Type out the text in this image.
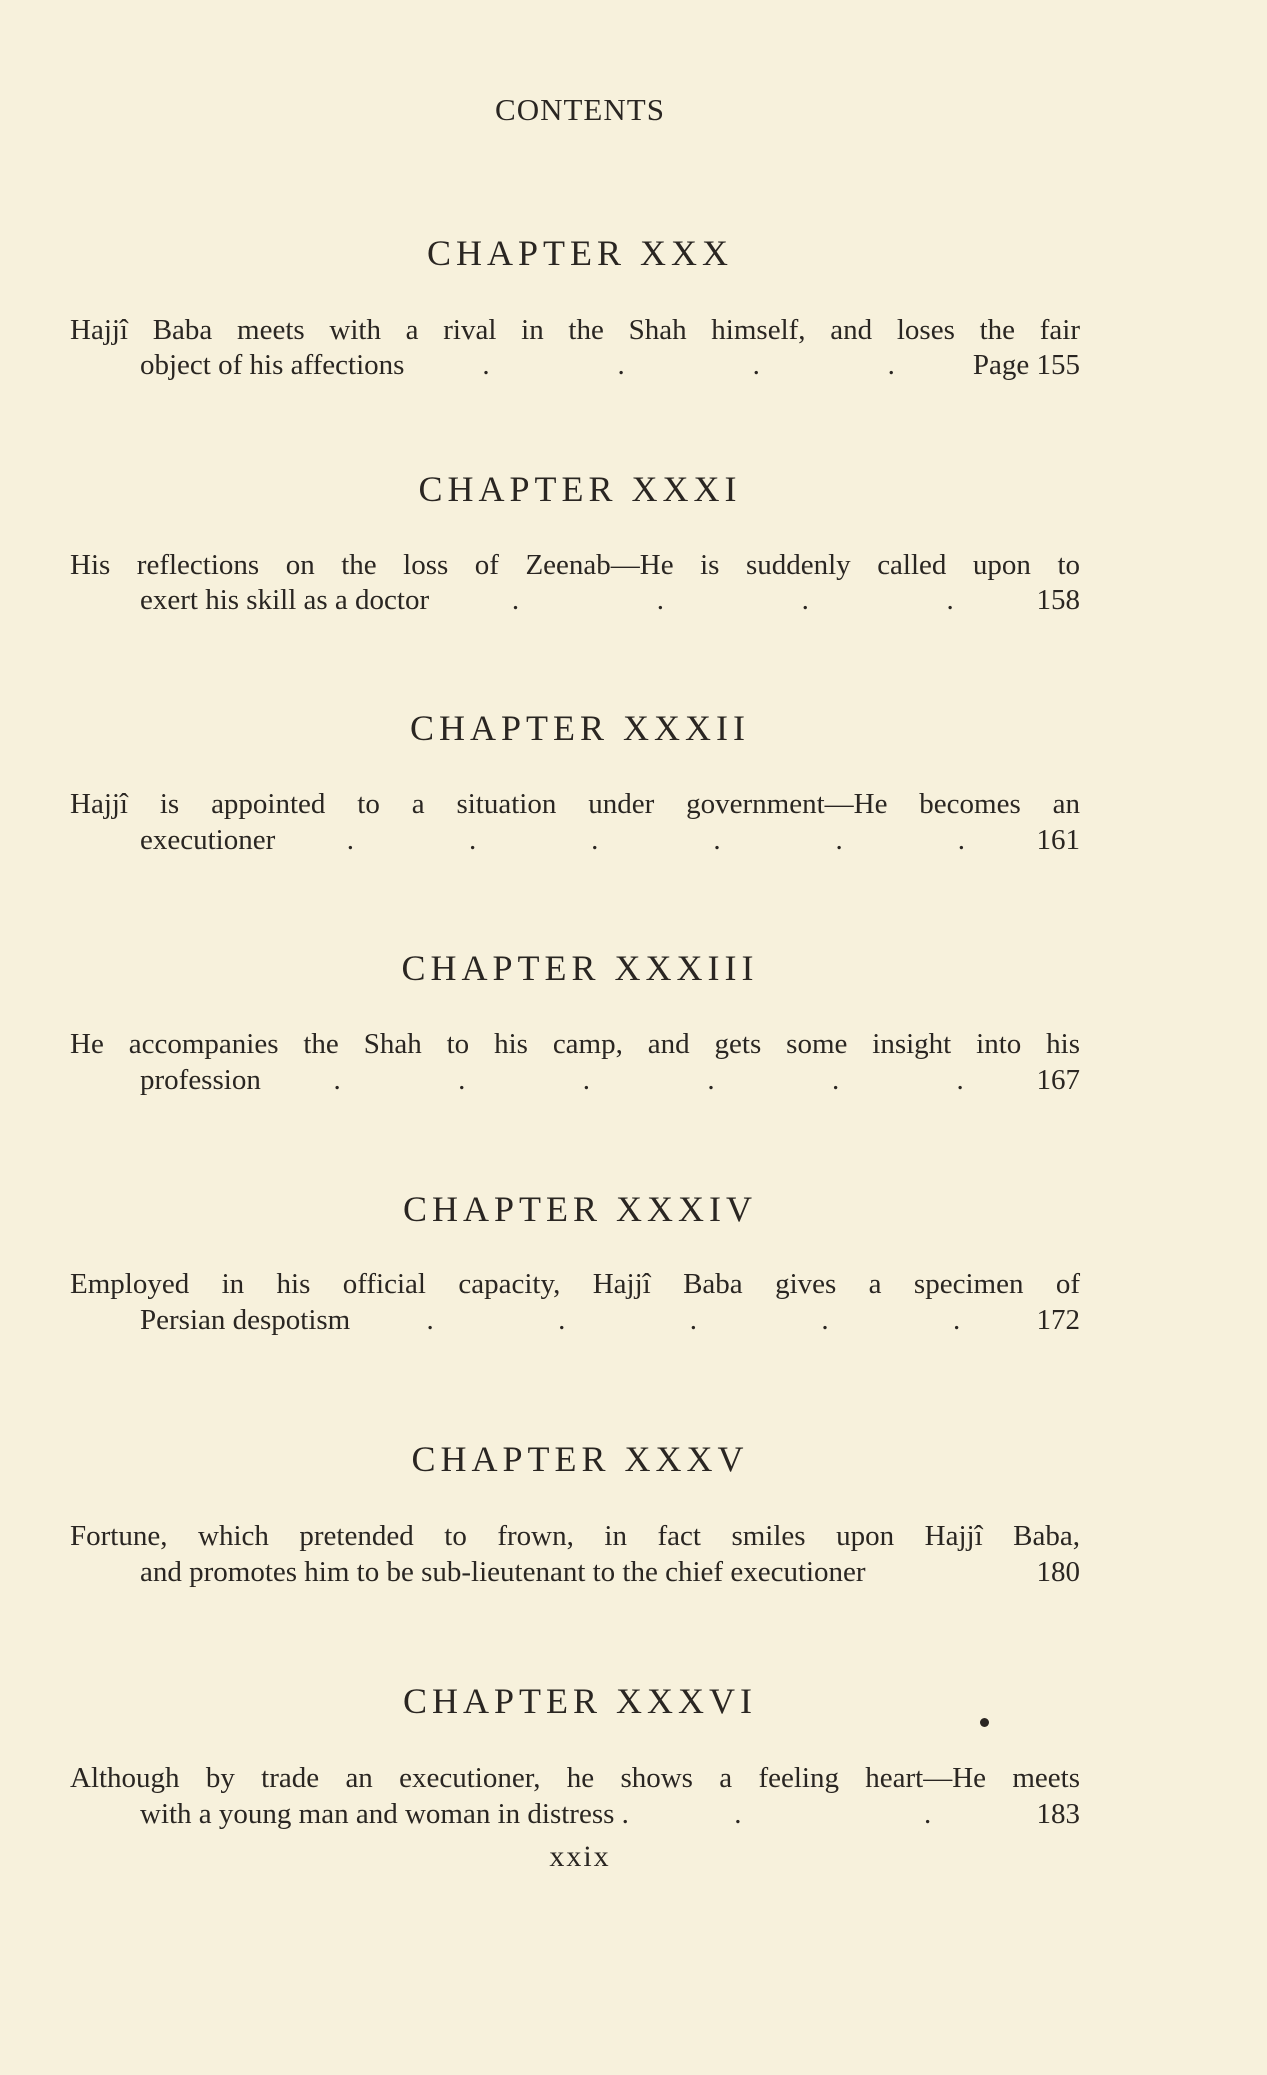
CONTENTS
CHAPTER XXX
Hajjî Baba meets with a rival in the Shah himself, and loses the fair
object of his affections	.	.	.	.	Page 155
CHAPTER XXXI
His reflections on the loss of Zeenab—He is suddenly called upon to
exert his skill as a doctor	.	.	.	.	158
CHAPTER XXXII
Hajjî is appointed to a situation under government—He becomes an
executioner .	.	.	.	.	. 161
CHAPTER XXXIII
He accompanies the Shah to his camp, and gets some insight into his
profession	.	.	.	.	.	.	167
CHAPTER XXXIV
Employed in his official capacity, Hajjî Baba gives a specimen of
Persian despotism	.	.	.	.	.	172
CHAPTER XXXV
Fortune, which pretended to frown, in fact smiles upon Hajjî Baba,
and promotes him to be sub-lieutenant to the chief executioner	180
CHAPTER XXXVI
Although by trade an executioner, he shows a feeling heart—He meets
with a young man and woman in distress .	.	.	183
xxix
